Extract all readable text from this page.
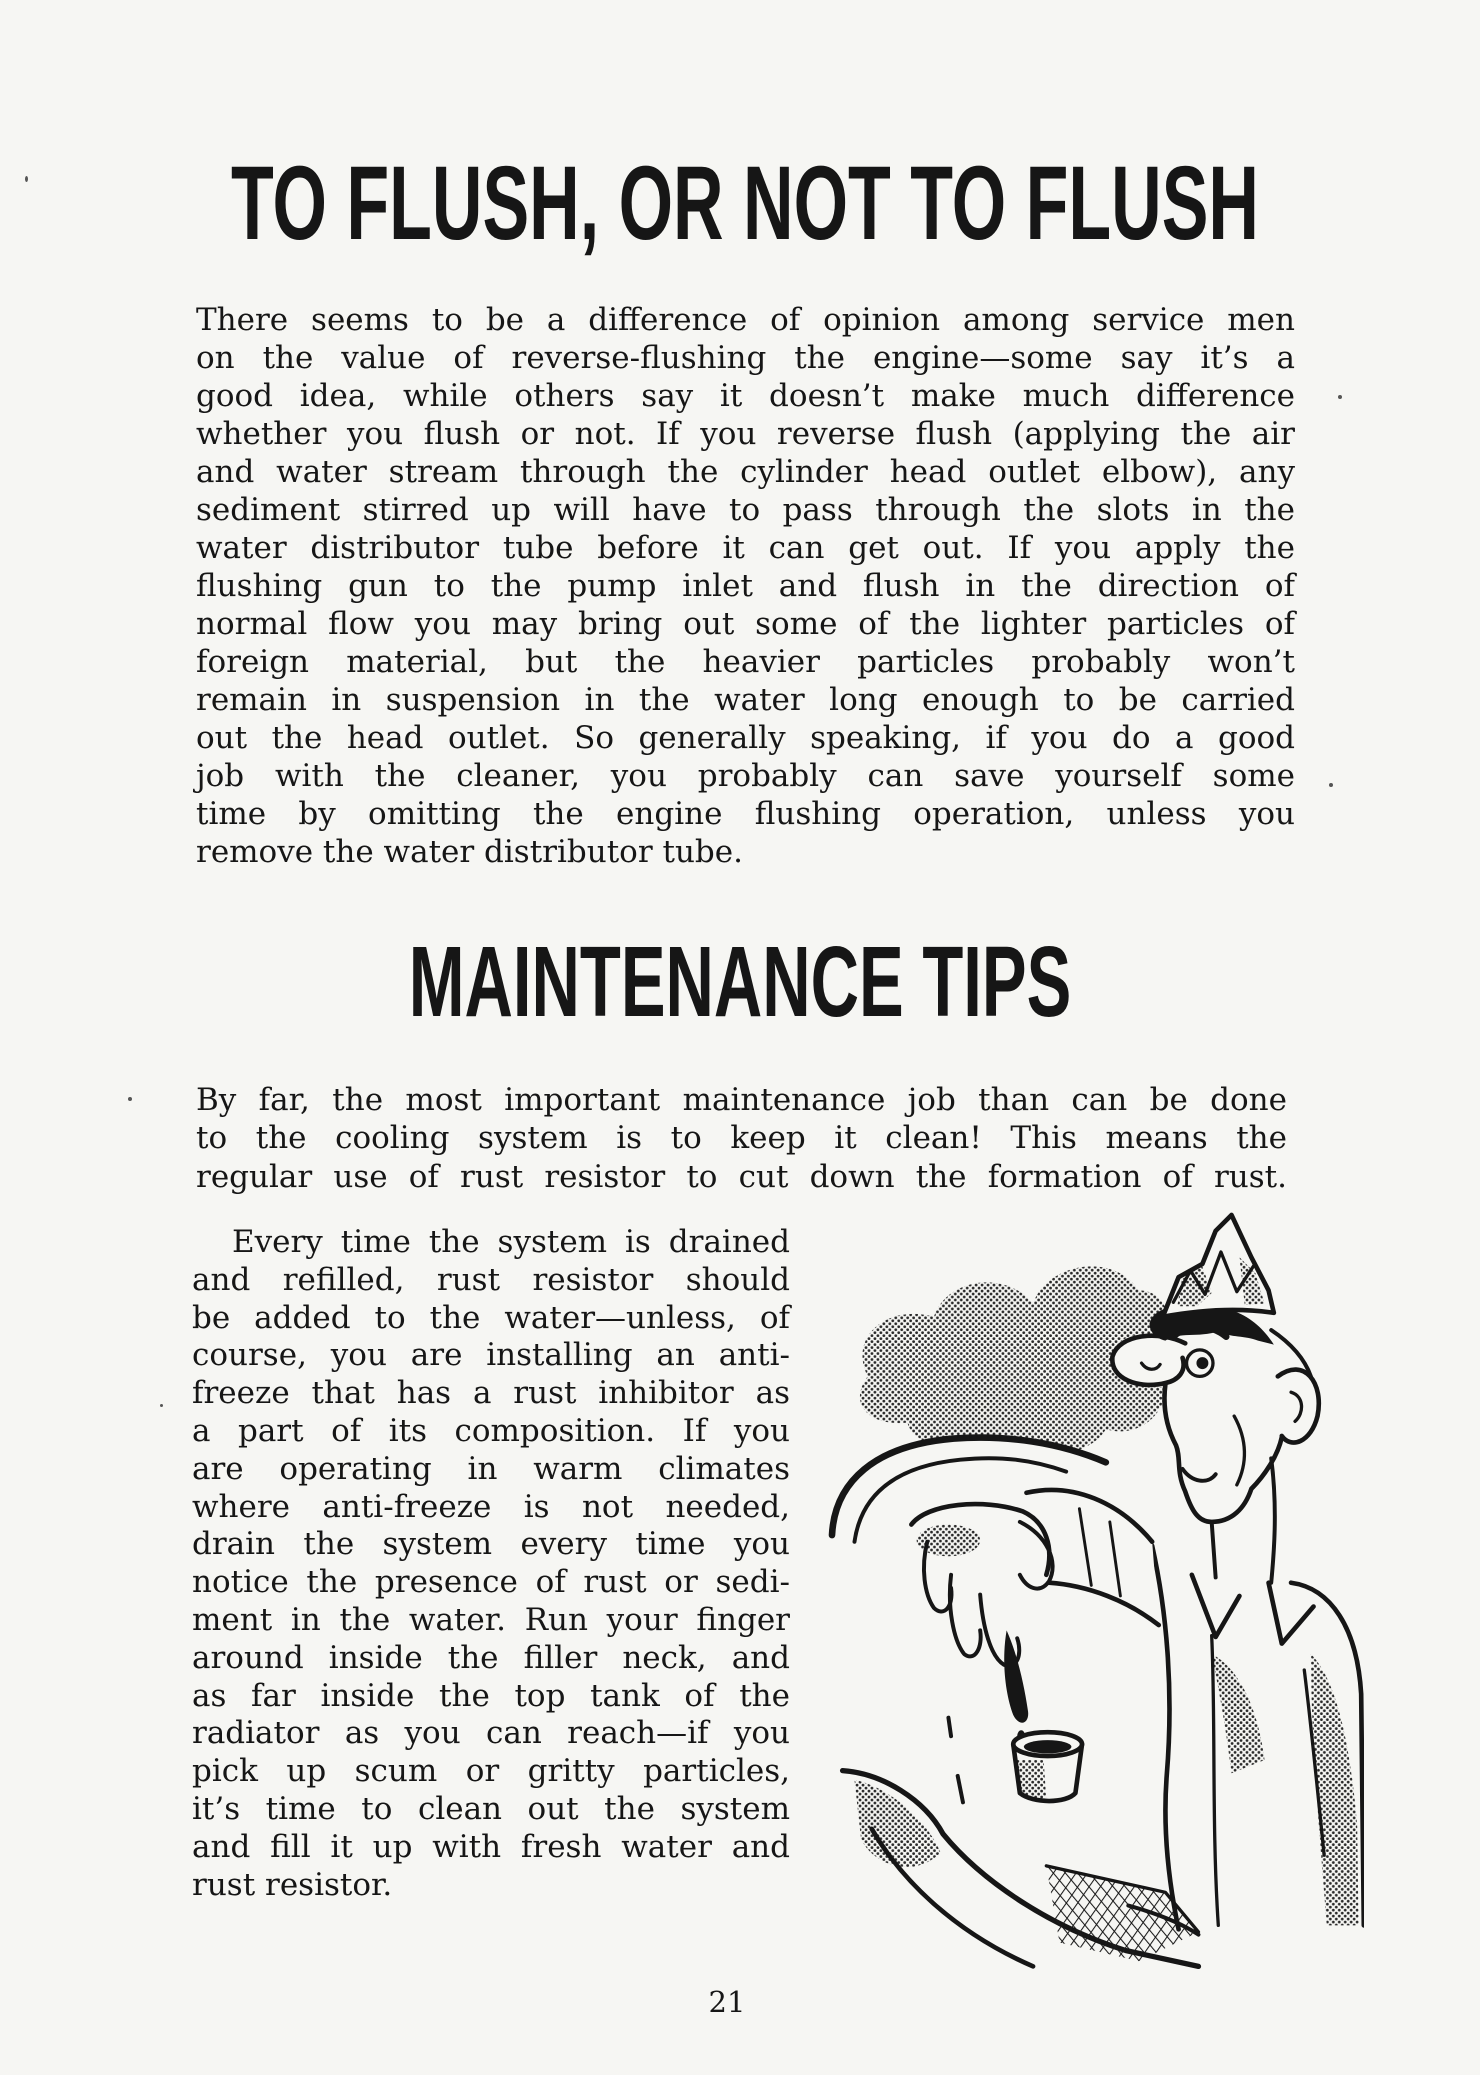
TO FLUSH, OR NOT TO FLUSH
There seems to be a difference of opinion among service men
on the value of reverse-flushing the engine—some say it’s a
good idea, while others say it doesn’t make much difference
whether you flush or not. If you reverse flush (applying the air
and water stream through the cylinder head outlet elbow), any
sediment stirred up will have to pass through the slots in the
water distributor tube before it can get out. If you apply the
flushing gun to the pump inlet and flush in the direction of
normal flow you may bring out some of the lighter particles of
foreign material, but the heavier particles probably won’t
remain in suspension in the water long enough to be carried
out the head outlet. So generally speaking, if you do a good
job with the cleaner, you probably can save yourself some
time by omitting the engine flushing operation, unless you
remove the water distributor tube.
MAINTENANCE TIPS
By far, the most important maintenance job than can be done
to the cooling system is to keep it clean! This means the
regular use of rust resistor to cut down the formation of rust.
Every time the system is drained
and refilled, rust resistor should
be added to the water—unless, of
course, you are installing an anti-
freeze that has a rust inhibitor as
a part of its composition. If you
are operating in warm climates
where anti-freeze is not needed,
drain the system every time you
notice the presence of rust or sedi-
ment in the water. Run your finger
around inside the filler neck, and
as far inside the top tank of the
radiator as you can reach—if you
pick up scum or gritty particles,
it’s time to clean out the system
and fill it up with fresh water and
rust resistor.
21
